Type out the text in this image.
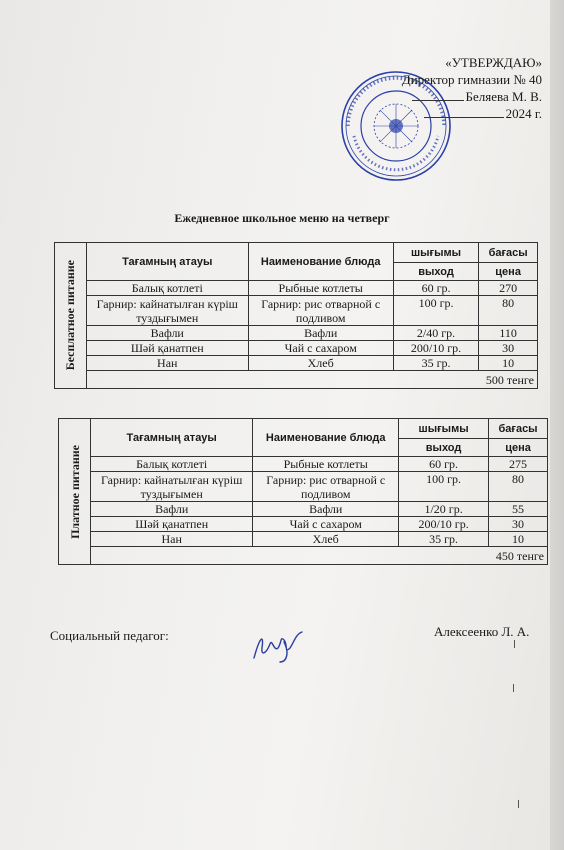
«УТВЕРЖДАЮ»
Директор гимназии № 40
Беляева М. В.
2024 г.
Ежедневное школьное меню на четверг
Бесплатное питание	Тағамның атауы	Наименование блюда	шығымы	бағасы
			выход	цена
	Балық котлеті	Рыбные котлеты	60 гр.	270
	Гарнир: кайнатылған күріш туздығымен	Гарнир: рис отварной с подливом	100 гр.	80
	Вафли	Вафли	2/40 гр.	110
	Шәй қанатпен	Чай с сахаром	200/10 гр.	30
	Нан	Хлеб	35 гр.	10
	500 тенге			
Платное питание	Тағамның атауы	Наименование блюда	шығымы	бағасы
			выход	цена
	Балық котлеті	Рыбные котлеты	60 гр.	275
	Гарнир: кайнатылған күріш туздығымен	Гарнир: рис отварной с подливом	100 гр.	80
	Вафли	Вафли	1/20 гр.	55
	Шәй қанатпен	Чай с сахаром	200/10 гр.	30
	Нан	Хлеб	35 гр.	10
	450 тенге			
Социальный педагог:	Алексеенко Л. А.
